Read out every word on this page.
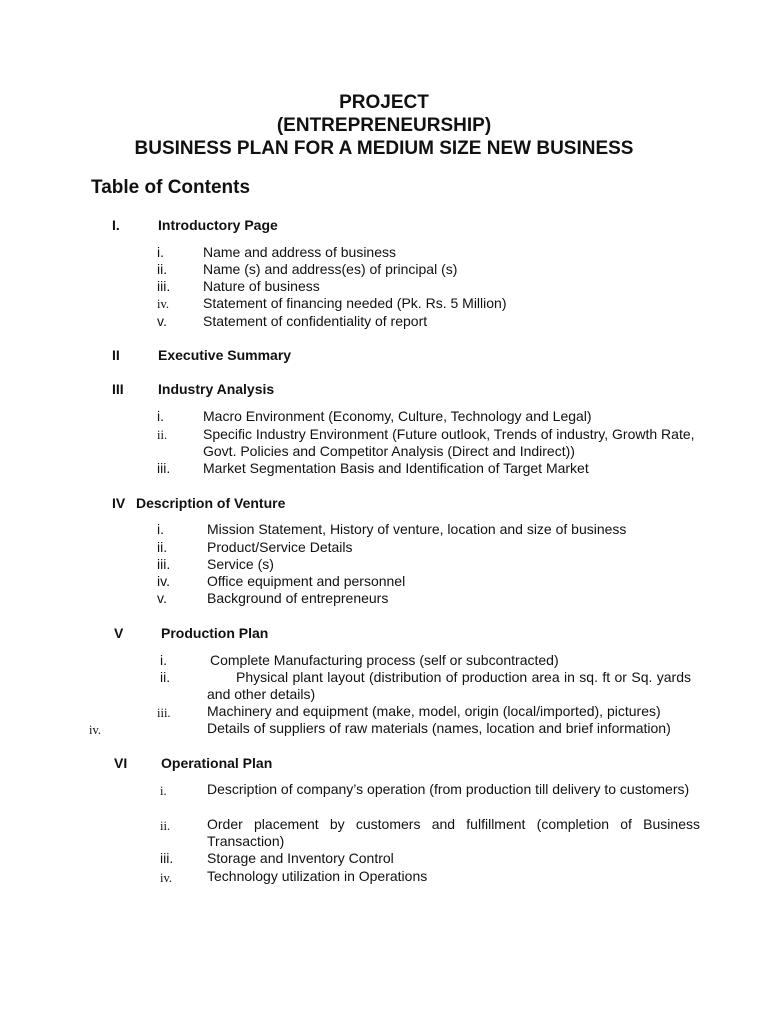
PROJECT
(ENTREPRENEURSHIP)
BUSINESS PLAN FOR A MEDIUM SIZE NEW BUSINESS
Table of Contents
I.	Introductory Page
i.	Name and address of business
ii.	Name (s) and address(es) of principal (s)
iii. Nature of business
iv. Statement of financing needed (Pk. Rs. 5 Million)
v.	Statement of confidentiality of report
II	Executive Summary
III Industry Analysis
i.	Macro Environment (Economy, Culture, Technology and Legal)
ii.	Specific Industry Environment (Future outlook, Trends of industry, Growth Rate, Govt. Policies and Competitor Analysis (Direct and Indirect))
iii. Market Segmentation Basis and Identification of Target Market
IV Description of Venture
i.	Mission Statement, History of venture, location and size of business
ii.	Product/Service Details
iii.	Service (s)
iv.	Office equipment and personnel
v.	Background of entrepreneurs
V	Production Plan
i.	Complete Manufacturing process (self or subcontracted)
ii.	Physical plant layout (distribution of production area in sq. ft or Sq. yards and other details)
iii.	Machinery and equipment (make, model, origin (local/imported), pictures)
iv.	Details of suppliers of raw materials (names, location and brief information)
VI Operational Plan
i.	Description of company’s operation (from production till delivery to customers)
ii.	Order placement by customers and fulfillment (completion of Business Transaction)
iii. Storage and Inventory Control
iv. Technology utilization in Operations
